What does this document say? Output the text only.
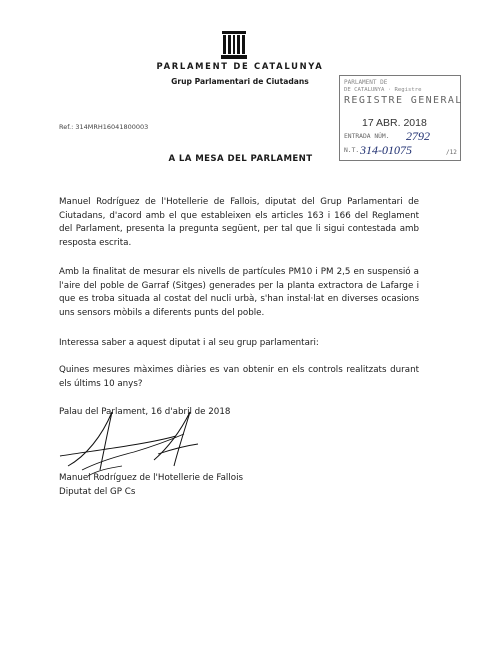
PARLAMENT DE CATALUNYA
Grup Parlamentari de Ciutadans	PARLAMENT DE
DE CATALUNYA · Registre
REGISTRE GENERAL
17 ABR. 2018
ENTRADA NÚM. 2792
N.T. 314-01075	/12
Ref.: 314MRH16041800003
A LA MESA DEL PARLAMENT

Manuel Rodríguez de l'Hotellerie de Fallois, diputat del Grup Parlamentari de Ciutadans, d'acord amb el que estableixen els articles 163 i 166 del Reglament del Parlament, presenta la pregunta següent, per tal que li sigui contestada amb resposta escrita.

Amb la finalitat de mesurar els nivells de partícules PM10 i PM 2,5 en suspensió a l'aire del poble de Garraf (Sitges) generades per la planta extractora de Lafarge i que es troba situada al costat del nucli urbà, s'han instal·lat en diverses ocasions uns sensors mòbils a diferents punts del poble.

Interessa saber a aquest diputat i al seu grup parlamentari:

Quines mesures màximes diàries es van obtenir en els controls realitzats durant els últims 10 anys?

Palau del Parlament, 16 d'abril de 2018
Manuel Rodríguez de l'Hotellerie de Fallois
Diputat del GP Cs
